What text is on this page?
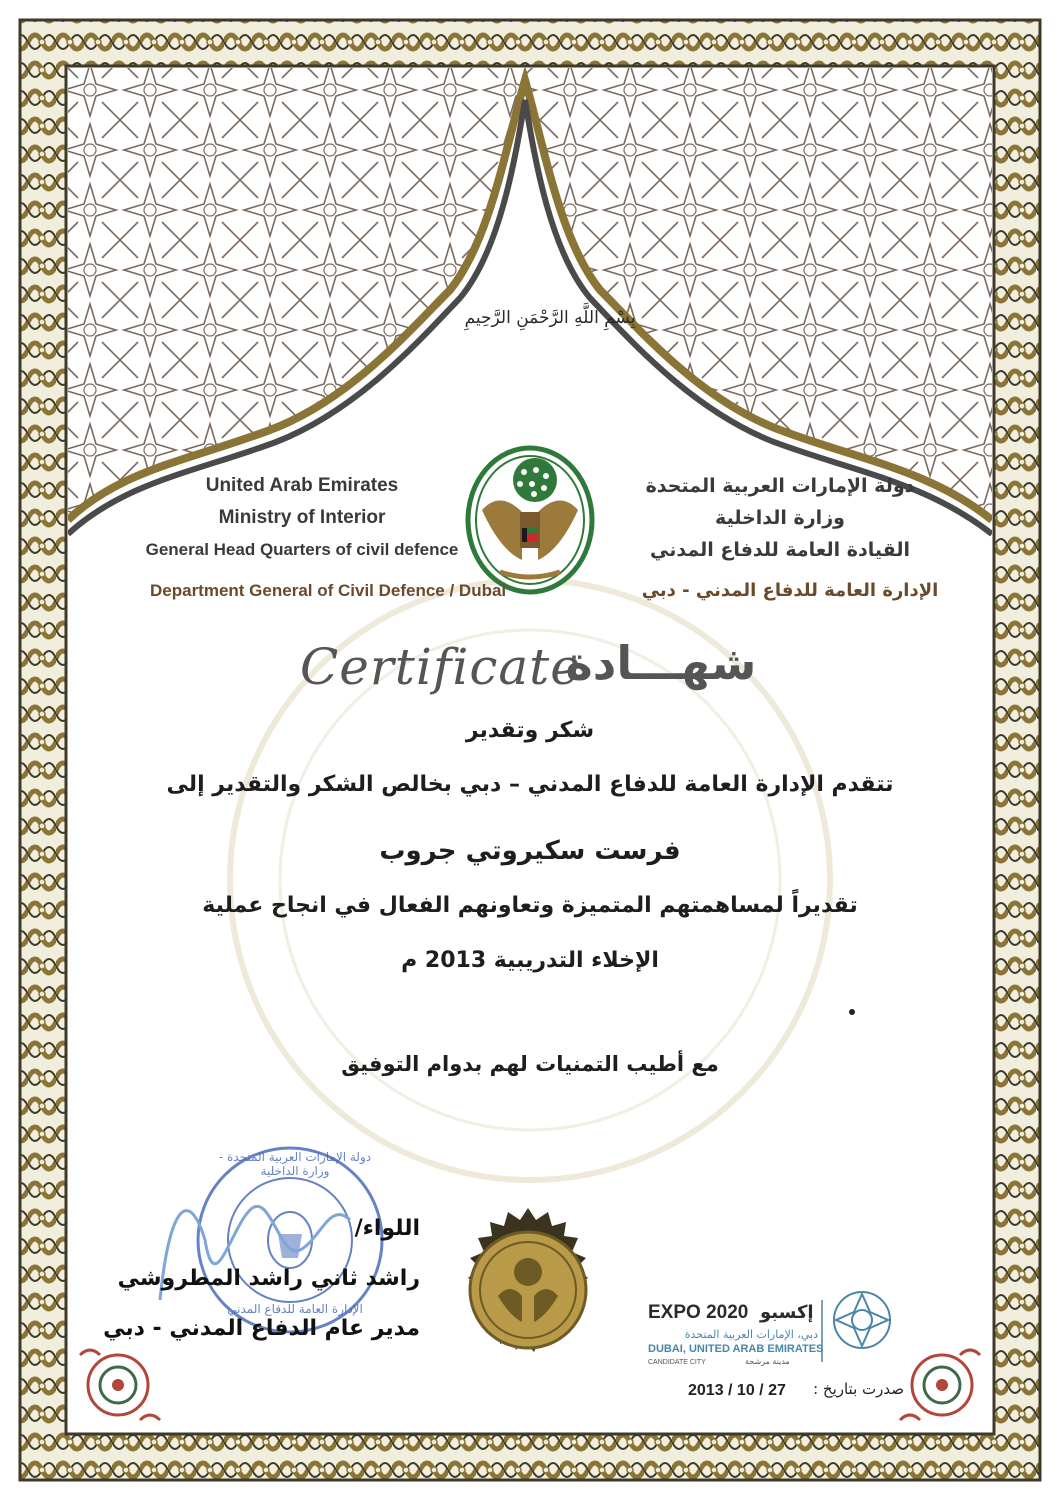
بِسْمِ اللَّهِ الرَّحْمَنِ الرَّحِيمِ
United Arab Emirates
Ministry of Interior
General Head Quarters of civil defence
Department General of Civil Defence / Dubai
دولة الإمارات العربية المتحدة
وزارة الداخلية
القيادة العامة للدفاع المدني
الإدارة العامة للدفاع المدني - دبي
Certificate
شهـــادة
شكر وتقدير
تتقدم الإدارة العامة للدفاع المدني – دبي بخالص الشكر والتقدير إلى
فرست سكيروتي جروب
تقديراً لمساهمتهم المتميزة وتعاونهم الفعال في انجاح عملية
الإخلاء التدريبية 2013 م
مع أطيب التمنيات لهم بدوام التوفيق
دولة الإمارات العربية المتحدة - وزارة الداخلية
الإدارة العامة للدفاع المدني
اللواء/
راشد ثاني راشد المطروشي
مدير عام الدفاع المدني - دبي
EXPO 2020 إكسبو
دبي، الإمارات العربية المتحدة
DUBAI, UNITED ARAB EMIRATES
CANDIDATE CITY	مدينة مرشحة
2013 / 10 / 27	صدرت بتاريخ :
